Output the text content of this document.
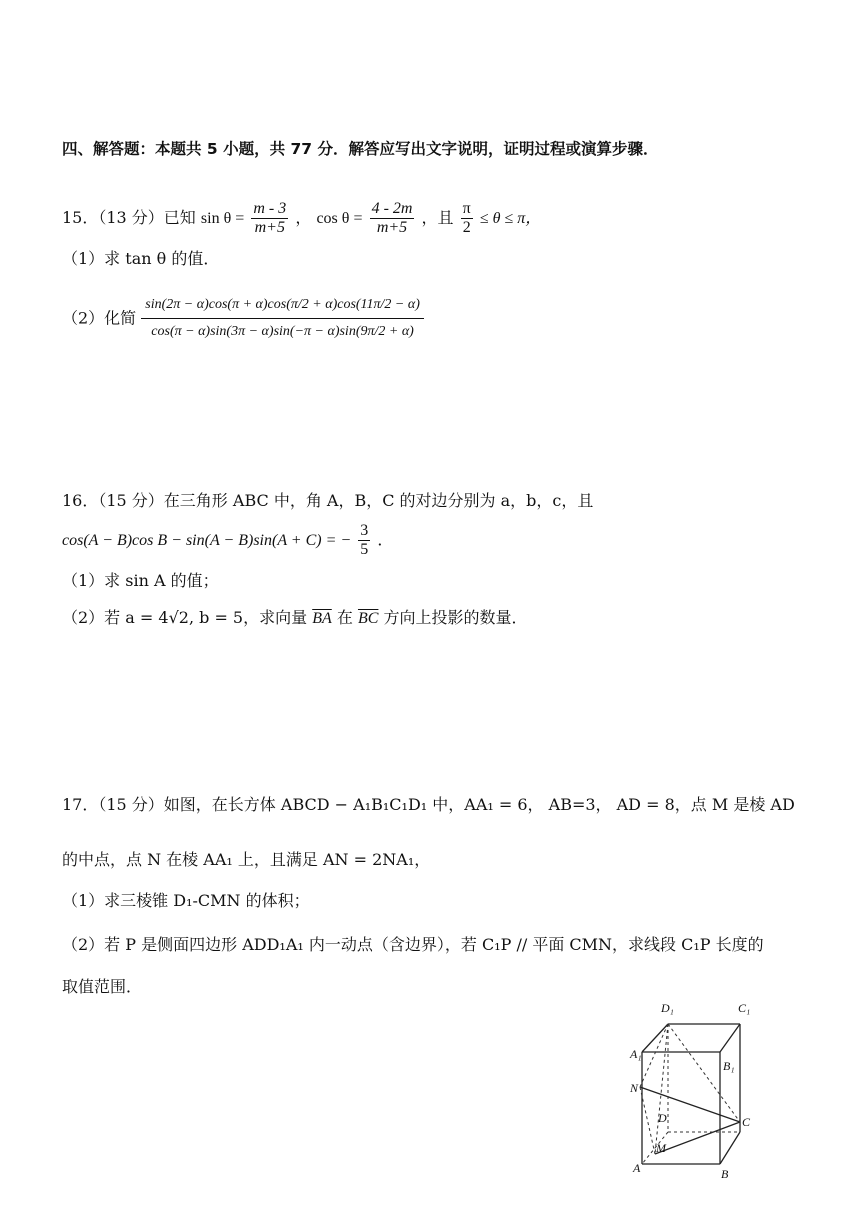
四、解答题：本题共 5 小题，共 77 分．解答应写出文字说明，证明过程或演算步骤．
15．（13 分）已知 $\sin \theta = \frac{m - 3}{m+5}$ ， $\cos \theta = \frac{4 - 2m}{m+5}$ ，且 $\frac{\pi}{2} \le \theta \le \pi$，
（1）求 tan θ 的值．
（2）化简 $\frac{\sin(2\pi - \alpha)\cos(\pi + \alpha)\cos(\pi/2 + \alpha)\cos(11\pi/2 - \alpha)}{\cos(\pi - \alpha)\sin(3\pi - \alpha)\sin(-\pi - \alpha)\sin(9\pi/2 + \alpha)}$
16．（15 分）在三角形 ABC 中，角 A，B，C 的对边分别为 a，b，c，且
cos(A − B)cos B − sin(A − B)sin(A + C) = − $\frac{3}{5}$ ．
（1）求 sin A 的值；
（2）若 a = 4√2, b = 5，求向量 $\overline{BA}$ 在 $\overline{BC}$ 方向上投影的数量．
17．（15 分）如图，在长方体 ABCD − A₁B₁C₁D₁ 中，AA₁ = 6， AB=3， AD = 8，点 M 是棱 AD
的中点，点 N 在棱 AA₁ 上，且满足 AN = 2NA₁，
（1）求三棱锥 D₁-CMN 的体积；
（2）若 P 是侧面四边形 ADD₁A₁ 内一动点（含边界），若 C₁P // 平面 CMN，求线段 C₁P 长度的
取值范围．
D₁	C₁
A₁
B₁
N
D	C
M
A	B
